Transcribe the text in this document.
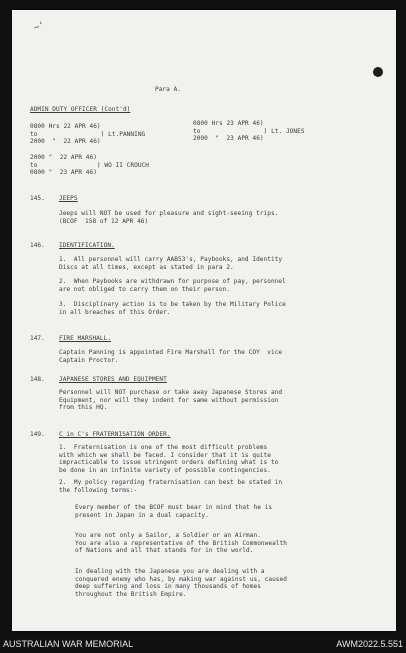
~'
Para A.
ADMIN DUTY OFFICER (Cont'd)
0800 Hrs 22 APR 46)
to                 ) Lt.PANNING
2000  "  22 APR 46)
0800 Hrs 23 APR 46)
to                 ) Lt. JONES
2000  "  23 APR 46)
2000 "  22 APR 46)
to                ) WO II CROUCH
0800 "  23 APR 46)
145. JEEPS
Jeeps will NOT be used for pleasure and sight-seeing trips.
(BCOF  158 of 12 APR 46)
146. IDENTIFICATION.
1.  All personnel will carry AAB53's, Paybooks, and Identity
Discs at all times, except as stated in para 2.
2.  When Paybooks are withdrawn for purpose of pay, personnel
are not obliged to carry them on their person.
3.  Disciplinary action is to be taken by the Military Police
in all breaches of this Order.
147. FIRE MARSHALL.
Captain Panning is appointed Fire Marshall for the COY  vice
Captain Proctor.
148. JAPANESE STORES AND EQUIPMENT
Personnel will NOT purchase or take away Japanese Stores and
Equipment, nor will they indent for same without permission
from this HQ.
149. C in C's FRATERNISATION ORDER.
1.  Fraternisation is one of the most difficult problems
with which we shall be faced. I consider that it is quite
impracticable to issue stringent orders defining what is to
be done in an infinite variety of possible contingencies.
2.  My policy regarding fraternisation can best be stated in
the following terms:-
Every member of the BCOF must bear in mind that he is
present in Japan in a dual capacity.
You are not only a Sailor, a Soldier or an Airman.
You are also a representative of the British Commonwealth
of Nations and all that stands for in the world.
In dealing with the Japanese you are dealing with a
conquered enemy who has, by making war against us, caused
deep suffering and loss in many thousands of homes
throughout the British Empire.
AUSTRALIAN WAR MEMORIAL	AWM2022.5.551
